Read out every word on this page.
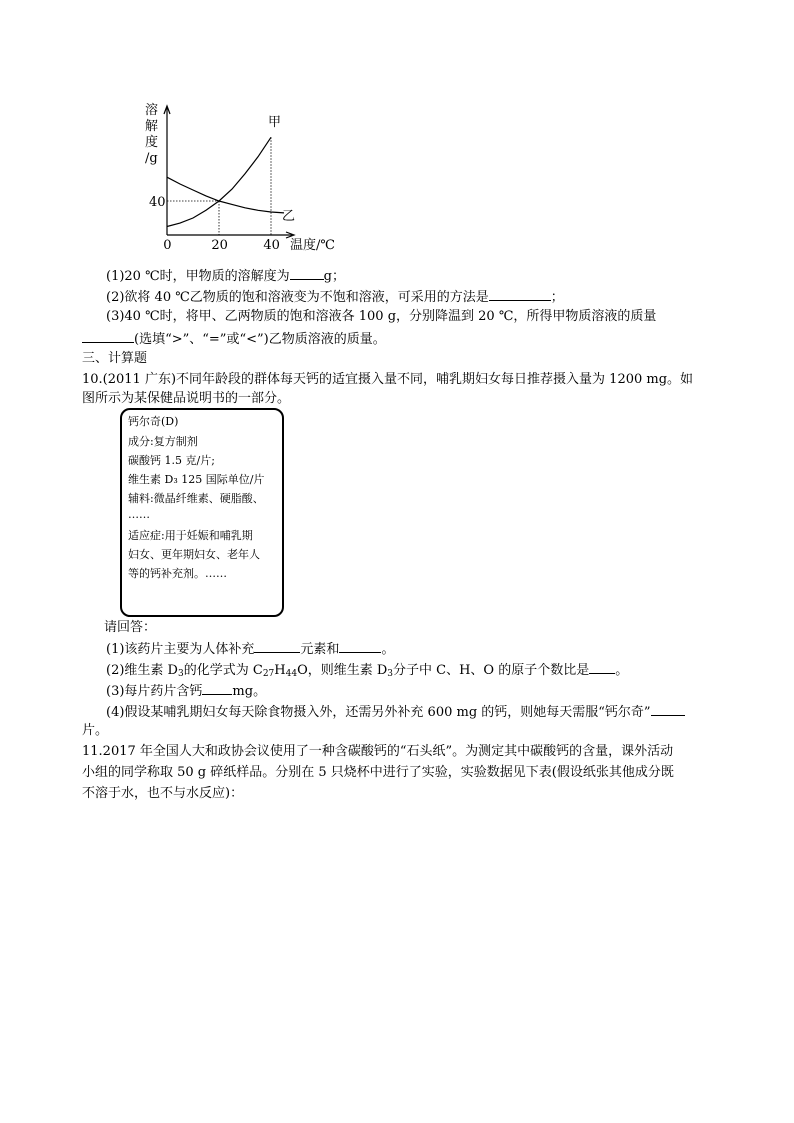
溶
解
度
/g
温度/℃
0	20	40
40
甲
乙
(1)20 ℃时，甲物质的溶解度为	g；
(2)欲将 40 ℃乙物质的饱和溶液变为不饱和溶液，可采用的方法是	；
(3)40 ℃时，将甲、乙两物质的饱和溶液各 100 g，分别降温到 20 ℃，所得甲物质溶液的质量
(选填“>”、“=”或“<”)乙物质溶液的质量。
三、计算题
10.(2011 广东)不同年龄段的群体每天钙的适宜摄入量不同，哺乳期妇女每日推荐摄入量为 1200 mg。如
图所示为某保健品说明书的一部分。
钙尔奇(D)
成分:复方制剂
碳酸钙 1.5 克/片;
维生素 D₃ 125 国际单位/片
辅料:微晶纤维素、硬脂酸、
……
适应症:用于妊娠和哺乳期
妇女、更年期妇女、老年人
等的钙补充剂。……
请回答：
(1)该药片主要为人体补充	元素和	。
(2)维生素 $D_3$的化学式为 $C_{27}H_{44}O$，则维生素 $D_3$分子中 C、H、O 的原子个数比是 。
(3)每片药片含钙 mg。
(4)假设某哺乳期妇女每天除食物摄入外，还需另外补充 600 mg 的钙，则她每天需服“钙尔奇”
片。
11.2017 年全国人大和政协会议使用了一种含碳酸钙的“石头纸”。为测定其中碳酸钙的含量，课外活动
小组的同学称取 50 g 碎纸样品。分别在 5 只烧杯中进行了实验，实验数据见下表(假设纸张其他成分既
不溶于水，也不与水反应)：
